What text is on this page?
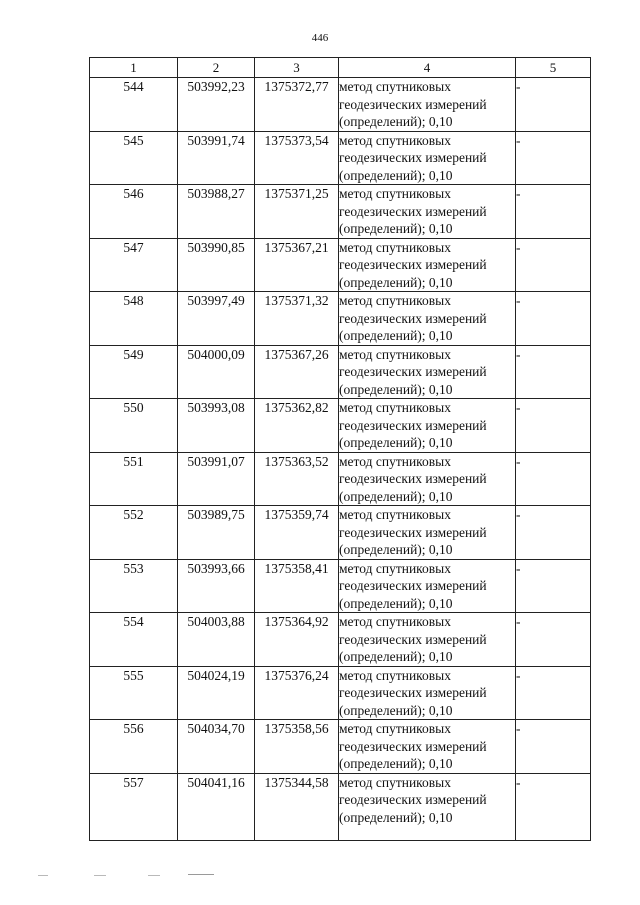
446
1	2	3	4	5
544	503992,23	1375372,77	метод спутниковых геодезических измерений (определений); 0,10	-
545	503991,74	1375373,54	метод спутниковых геодезических измерений (определений); 0,10	-
546	503988,27	1375371,25	метод спутниковых геодезических измерений (определений); 0,10	-
547	503990,85	1375367,21	метод спутниковых геодезических измерений (определений); 0,10	-
548	503997,49	1375371,32	метод спутниковых геодезических измерений (определений); 0,10	-
549	504000,09	1375367,26	метод спутниковых геодезических измерений (определений); 0,10	-
550	503993,08	1375362,82	метод спутниковых геодезических измерений (определений); 0,10	-
551	503991,07	1375363,52	метод спутниковых геодезических измерений (определений); 0,10	-
552	503989,75	1375359,74	метод спутниковых геодезических измерений (определений); 0,10	-
553	503993,66	1375358,41	метод спутниковых геодезических измерений (определений); 0,10	-
554	504003,88	1375364,92	метод спутниковых геодезических измерений (определений); 0,10	-
555	504024,19	1375376,24	метод спутниковых геодезических измерений (определений); 0,10	-
556	504034,70	1375358,56	метод спутниковых геодезических измерений (определений); 0,10	-
557	504041,16	1375344,58	метод спутниковых геодезических измерений (определений); 0,10	-
